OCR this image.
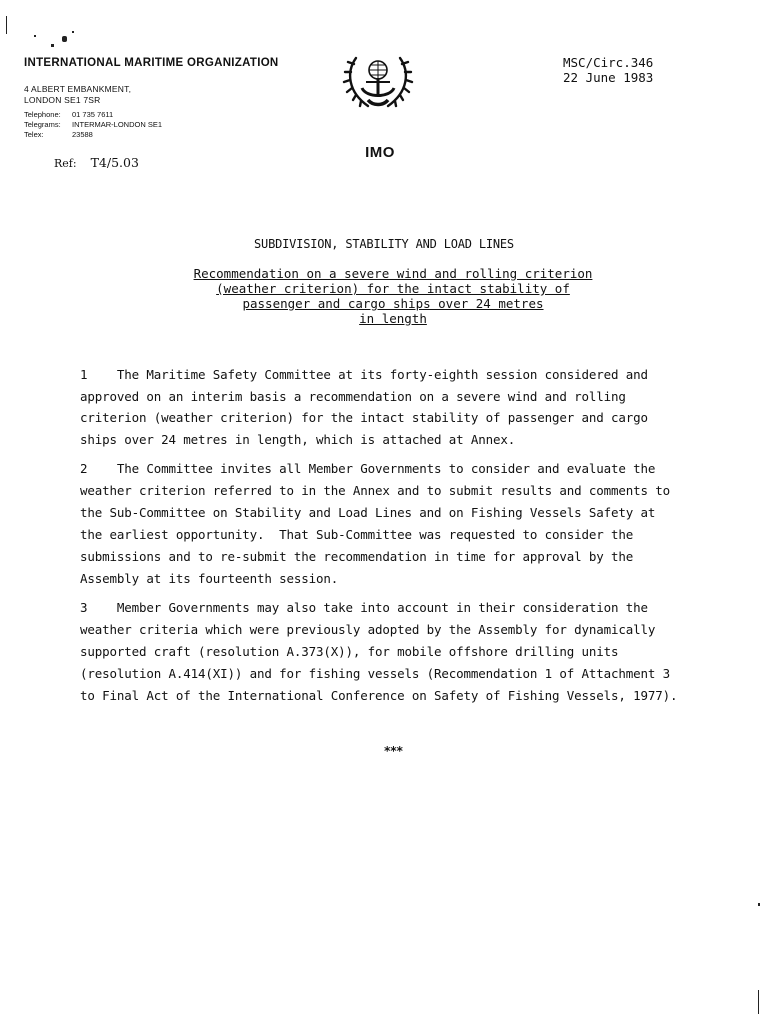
INTERNATIONAL MARITIME ORGANIZATION
4 ALBERT EMBANKMENT,
LONDON SE1 7SR
Telephone: 01 735 7611
Telegrams: INTERMAR-LONDON SE1
Telex:	23588
Ref: T4/5.03
IMO
MSC/Circ.346
22 June 1983
SUBDIVISION, STABILITY AND LOAD LINES
Recommendation on a severe wind and rolling criterion
(weather criterion) for the intact stability of
passenger and cargo ships over 24 metres
in length
1    The Maritime Safety Committee at its forty-eighth session considered and
approved on an interim basis a recommendation on a severe wind and rolling
criterion (weather criterion) for the intact stability of passenger and cargo
ships over 24 metres in length, which is attached at Annex.
2    The Committee invites all Member Governments to consider and evaluate the
weather criterion referred to in the Annex and to submit results and comments to
the Sub-Committee on Stability and Load Lines and on Fishing Vessels Safety at
the earliest opportunity.  That Sub-Committee was requested to consider the
submissions and to re-submit the recommendation in time for approval by the
Assembly at its fourteenth session.
3    Member Governments may also take into account in their consideration the
weather criteria which were previously adopted by the Assembly for dynamically
supported craft (resolution A.373(X)), for mobile offshore drilling units
(resolution A.414(XI)) and for fishing vessels (Recommendation 1 of Attachment 3
to Final Act of the International Conference on Safety of Fishing Vessels, 1977).
***
